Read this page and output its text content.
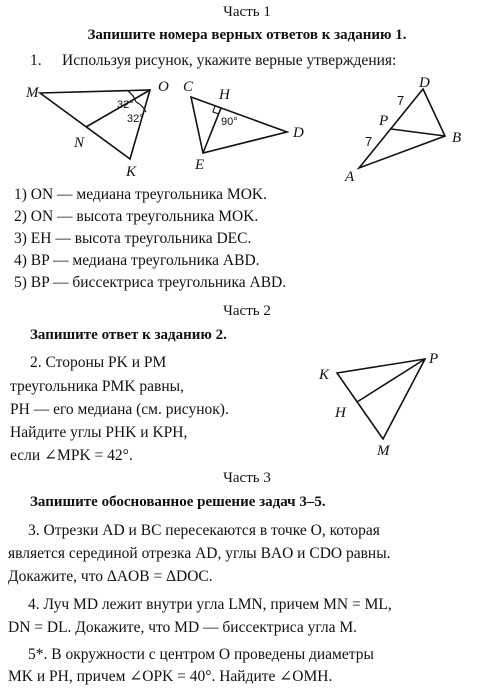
Часть 1
Запишите номера верных ответов к заданию 1.
1. Используя рисунок, укажите верные утверждения:
M	O
N
K
32°
32°
C H
D
E
90°
D
P
B
A
7
7
1) ON — медиана треугольника MOK.
2) ON — высота треугольника MOK.
3) EH — высота треугольника DEC.
4) BP — медиана треугольника ABD.
5) BP — биссектриса треугольника ABD.
Часть 2
Запишите ответ к заданию 2.
2. Стороны PK и PM
треугольника PMK равны,
PH — его медиана (см. рисунок).
Найдите углы PHK и KPH,
если ∠MPK = 42°.
K
P
H
M
Часть 3
Запишите обоснованное решение задач 3–5.
3. Отрезки AD и BC пересекаются в точке O, которая
является серединой отрезка AD, углы BAO и CDO равны.
Докажите, что ΔAOB = ΔDOC.
4. Луч MD лежит внутри угла LMN, причем MN = ML,
DN = DL. Докажите, что MD — биссектриса угла M.
5*. В окружности с центром O проведены диаметры
MK и PH, причем ∠OPK = 40°. Найдите ∠OMH.
